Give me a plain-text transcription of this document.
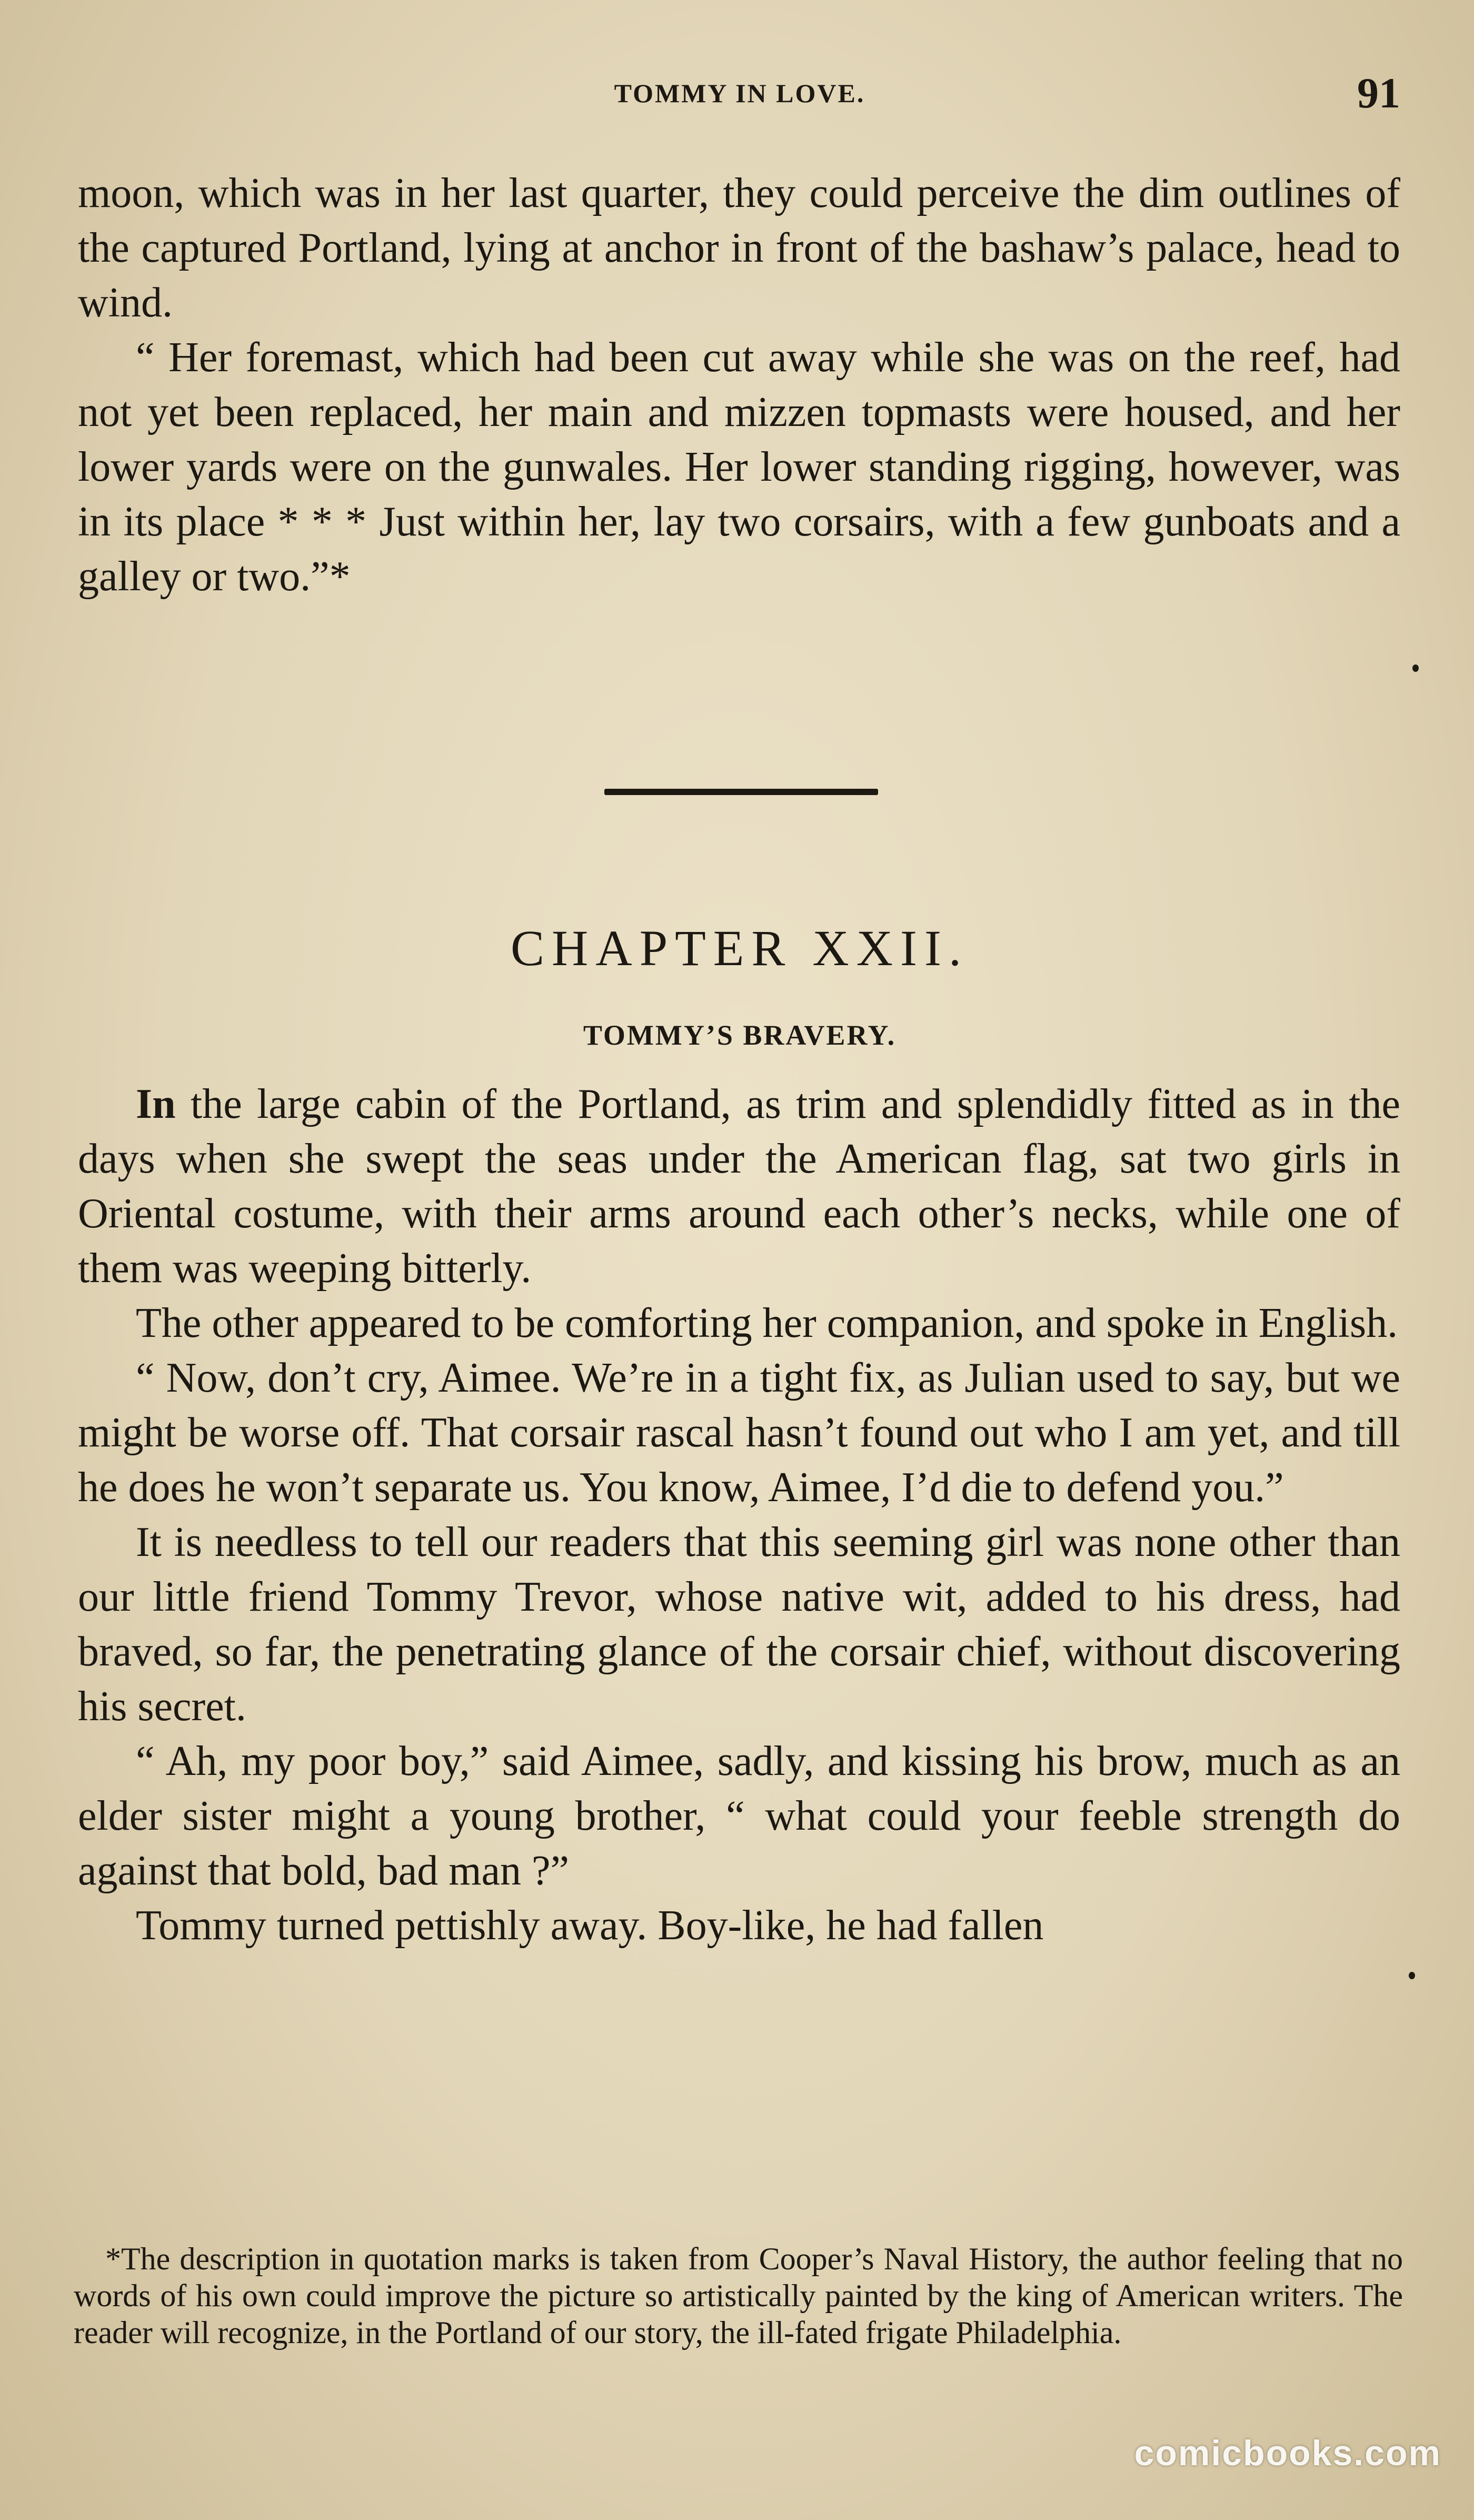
TOMMY IN LOVE.	91

moon, which was in her last quarter, they could perceive the dim outlines of the captured Portland, lying at anchor in front of the bashaw’s palace, head to wind.

“ Her foremast, which had been cut away while she was on the reef, had not yet been replaced, her main and mizzen topmasts were housed, and her lower yards were on the gunwales. Her lower standing rigging, however, was in its place * * * Just within her, lay two corsairs, with a few gunboats and a galley or two.”*

CHAPTER XXII.
TOMMY’S BRAVERY.

In the large cabin of the Portland, as trim and splendidly fitted as in the days when she swept the seas under the American flag, sat two girls in Oriental costume, with their arms around each other’s necks, while one of them was weeping bitterly.

The other appeared to be comforting her companion, and spoke in English.

“ Now, don’t cry, Aimee. We’re in a tight fix, as Julian used to say, but we might be worse off. That corsair rascal hasn’t found out who I am yet, and till he does he won’t separate us. You know, Aimee, I’d die to defend you.”

It is needless to tell our readers that this seeming girl was none other than our little friend Tommy Trevor, whose native wit, added to his dress, had braved, so far, the penetrating glance of the corsair chief, without discovering his secret.

“ Ah, my poor boy,” said Aimee, sadly, and kissing his brow, much as an elder sister might a young brother, “ what could your feeble strength do against that bold, bad man ?”

Tommy turned pettishly away. Boy-like, he had fallen

*The description in quotation marks is taken from Cooper’s Naval History, the author feeling that no words of his own could improve the picture so artistically painted by the king of American writers. The reader will recognize, in the Portland of our story, the ill-fated frigate Philadelphia.

comicbooks.com
